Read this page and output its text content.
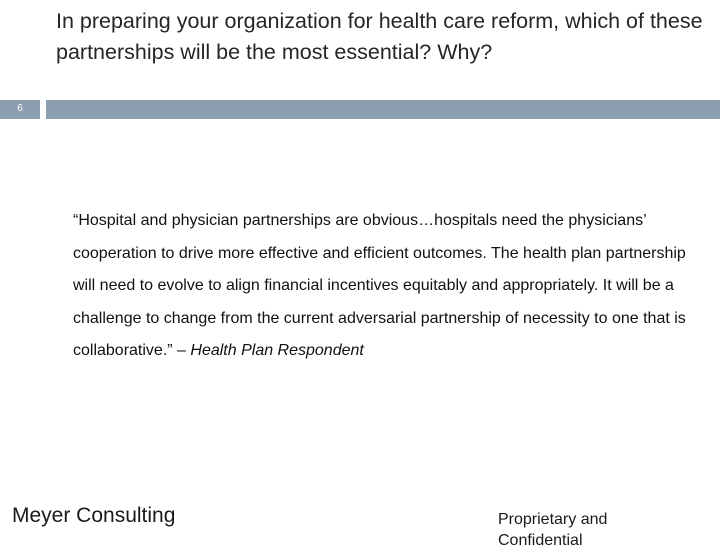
In preparing your organization for health care reform, which of these partnerships will be the most essential? Why?
6

“Hospital and physician partnerships are obvious…hospitals need the physicians’ cooperation to drive more effective and efficient outcomes. The health plan partnership will need to evolve to align financial incentives equitably and appropriately. It will be a challenge to change from the current adversarial partnership of necessity to one that is collaborative.” – Health Plan Respondent

Meyer Consulting	Proprietary and Confidential
